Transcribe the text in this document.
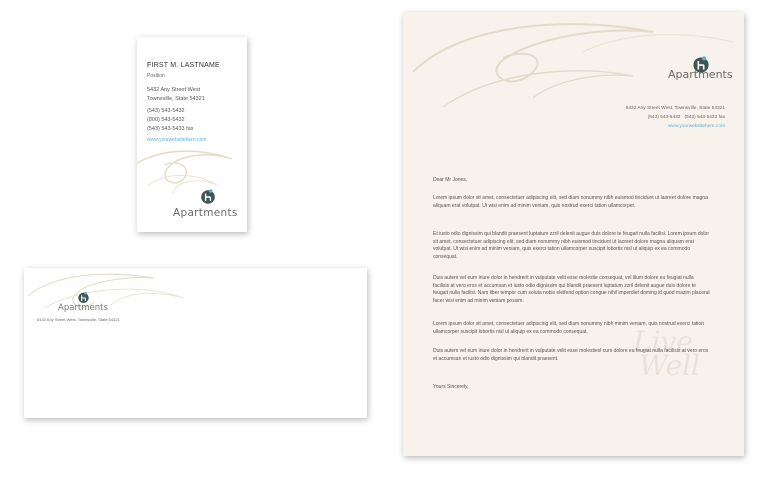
FIRST M. LASTNAME
Position
5432 Any Street West
Townsville, State 54321
(543) 543-5432
(800) 543-5432
(543) 543-5433 fax
www.yourwebsitehere.com
Apartments
Apartments
5432 Any Street West, Townsville, State 54321
Apartments
5432 Any Street West, Townsville, State 54321
(543) 543-5432 (543) 543-5433 fax
www.yourwebsitehere.com
Live
Well
Dear Mr Jones,
Lorem ipsum dolor sit amet, consectetuer adipiscing elit, sed diam nonummy nibh euismod tincidunt ut laoreet dolore magna aliquam erat volutpat. Ut wisi enim ad minim veniam, quis nostrud exerci tation ullamcorper.
Et iusto odio dignissim qui blandit praesent luptatum zzril delenit augue duis dolore te feugait nulla facilisi. Lorem ipsum dolor sit amet, consectetuer adipiscing elit, sed diam nonummy nibh euismod tincidunt ut laoreet dolore magna aliquam erat volutpat. Ut wisi enim ad minim veniam, quis exerci tation ullamcorper suscipit lobortis nisl ut aliquip ex ea commodo consequat.
Duis autem vel eum iriure dolor in hendrerit in vulputate velit esse molestie consequat, vel illum dolore eu feugiat nulla facilisis at vero eros et accumsan et iusto odio dignissim qui blandit praesent luptatum zzril delenit augue duis dolore te feugait nulla facilisi. Nam liber tempor cum soluta nobis eleifend option congue nihil imperdiet doming id quod mazim placerat facer wisi enim ad minim veniam possim.
Lorem ipsum dolor sit amet, consectetuer adipiscing elit, sed diam nonummy nibh minim veniam, quis nostrud exerci tation ullamcorper suscipit lobortis nisl ut aliquip ex ea commodo consequat.
Duis autem vel eum iriure dolor in hendrerit in vulputate velit esse molestiesl cum dolore eu feugiat nulla facilisis at vero eros et accumsan et iusto odio dignissim qui blandit praesent.
Yours Sincerely,
